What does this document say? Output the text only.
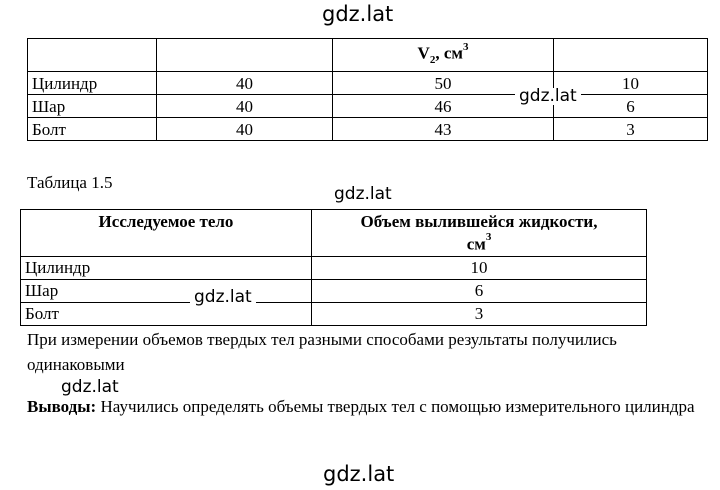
gdz.lat
		$V_2$, $см^3$	
Цилиндр	40	50	10
Шар	40	46	6
Болт	40	43	3
gdz.lat
Таблица 1.5
gdz.lat
Исследуемое тело	Объем вылившейся жидкости,
$см^3$
Цилиндр	10
Шар	6
Болт	3
gdz.lat

При измерении объемов твердых тел разными способами результаты получились одинаковыми

gdz.lat

Выводы: Научились определять объемы твердых тел с помощью измерительного цилиндра

gdz.lat
